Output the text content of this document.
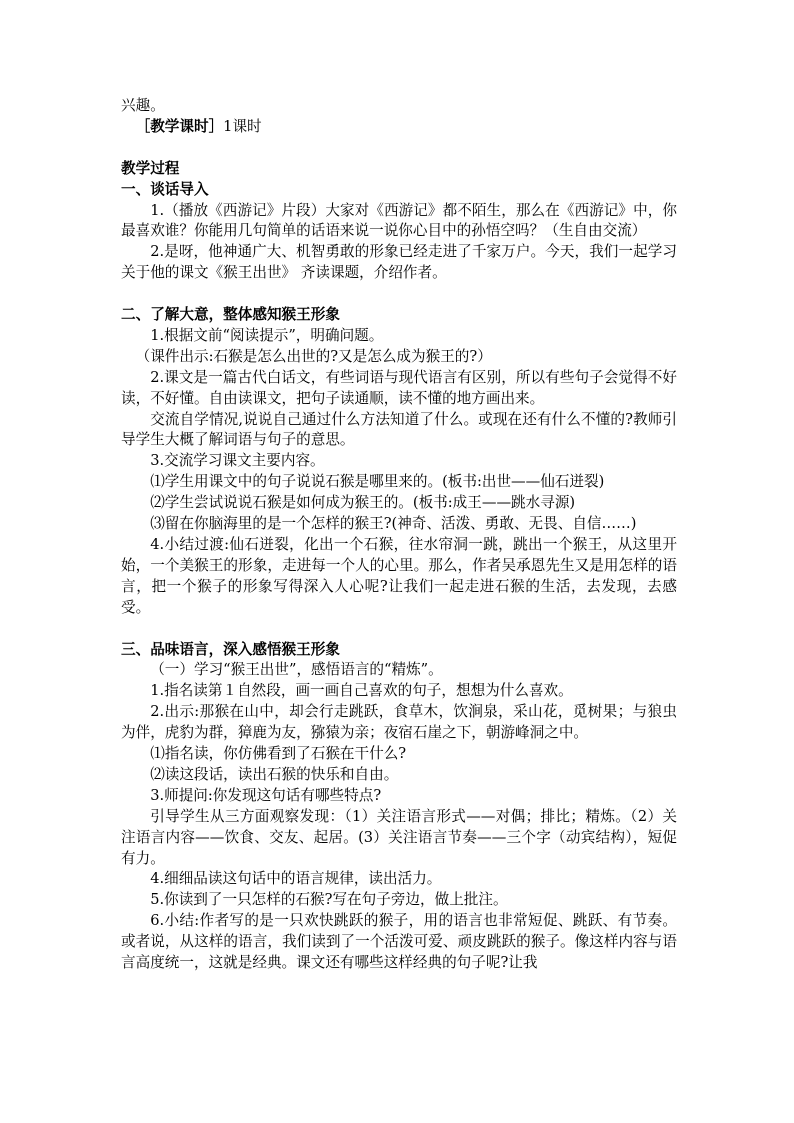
兴趣。

［教学课时］1课时

教学过程

一、谈话导入

1.（播放《西游记》片段）大家对《西游记》都不陌生，那么在《西游记》中，你最喜欢谁？你能用几句简单的话语来说一说你心目中的孙悟空吗？（生自由交流）

2.是呀，他神通广大、机智勇敢的形象已经走进了千家万户。今天，我们一起学习关于他的课文《猴王出世》 齐读课题，介绍作者。

二、了解大意，整体感知猴王形象

1.根据文前“阅读提示”，明确问题。

（课件出示:石猴是怎么出世的?又是怎么成为猴王的?）

2.课文是一篇古代白话文，有些词语与现代语言有区别，所以有些句子会觉得不好读，不好懂。自由读课文，把句子读通顺，读不懂的地方画出来。

交流自学情况,说说自己通过什么方法知道了什么。或现在还有什么不懂的?教师引导学生大概了解词语与句子的意思。

3.交流学习课文主要内容。

⑴学生用课文中的句子说说石猴是哪里来的。(板书:出世——仙石迸裂)

⑵学生尝试说说石猴是如何成为猴王的。(板书:成王——跳水寻源)

⑶留在你脑海里的是一个怎样的猴王?(神奇、活泼、勇敢、无畏、自信……)

4.小结过渡:仙石迸裂，化出一个石猴，往水帘洞一跳，跳出一个猴王，从这里开始，一个美猴王的形象，走进每一个人的心里。那么，作者吴承恩先生又是用怎样的语言，把一个猴子的形象写得深入人心呢?让我们一起走进石猴的生活，去发现，去感受。

三、品味语言，深入感悟猴王形象

（一）学习“猴王出世”，感悟语言的“精炼”。

1.指名读第１自然段，画一画自己喜欢的句子，想想为什么喜欢。

2.出示:那猴在山中，却会行走跳跃，食草木，饮涧泉，采山花，觅树果；与狼虫为伴，虎豹为群，獐鹿为友，猕猿为亲；夜宿石崖之下，朝游峰洞之中。

⑴指名读，你仿佛看到了石猴在干什么?

⑵读这段话，读出石猴的快乐和自由。

3.师提问:你发现这句话有哪些特点?

引导学生从三方面观察发现：（1）关注语言形式——对偶；排比；精炼。（2）关注语言内容——饮食、交友、起居。(3）关注语言节奏——三个字（动宾结构），短促有力。

4.细细品读这句话中的语言规律，读出活力。

5.你读到了一只怎样的石猴?写在句子旁边，做上批注。

6.小结:作者写的是一只欢快跳跃的猴子，用的语言也非常短促、跳跃、有节奏。或者说，从这样的语言，我们读到了一个活泼可爱、顽皮跳跃的猴子。像这样内容与语言高度统一，这就是经典。课文还有哪些这样经典的句子呢?让我
